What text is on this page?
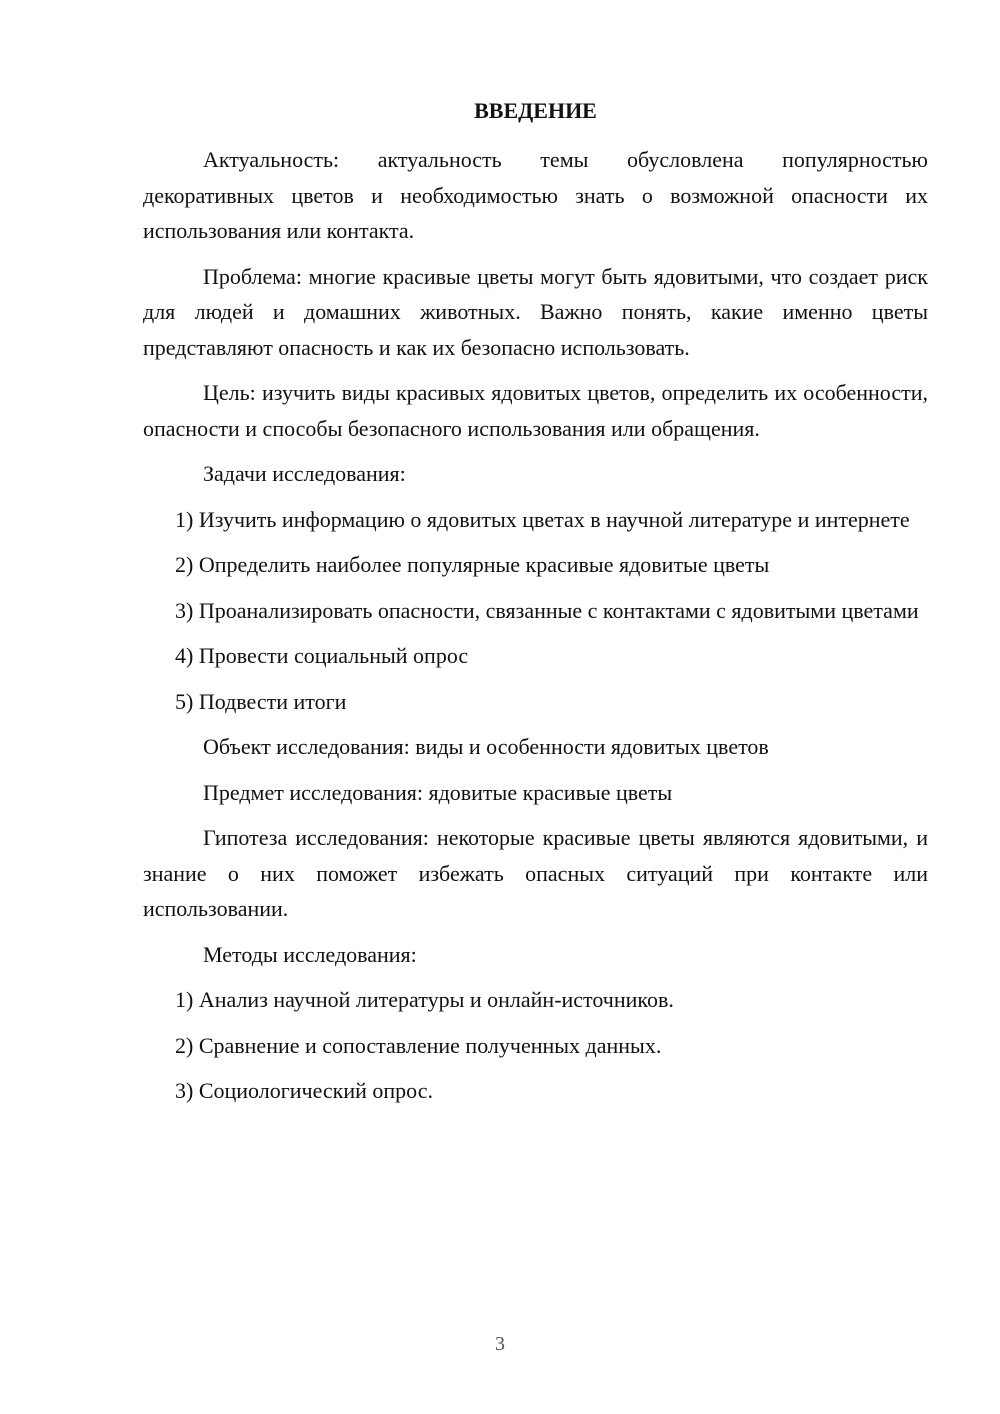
ВВЕДЕНИЕ

Актуальность: актуальность темы обусловлена популярностью декоративных цветов и необходимостью знать о возможной опасности их использования или контакта.

Проблема: многие красивые цветы могут быть ядовитыми, что создает риск для людей и домашних животных. Важно понять, какие именно цветы представляют опасность и как их безопасно использовать.

Цель: изучить виды красивых ядовитых цветов, определить их особенности, опасности и способы безопасного использования или обращения.

Задачи исследования:

1) Изучить информацию о ядовитых цветах в научной литературе и интернете

2) Определить наиболее популярные красивые ядовитые цветы

3) Проанализировать опасности, связанные с контактами с ядовитыми цветами

4) Провести социальный опрос

5) Подвести итоги

Объект исследования: виды и особенности ядовитых цветов

Предмет исследования: ядовитые красивые цветы

Гипотеза исследования: некоторые красивые цветы являются ядовитыми, и знание о них поможет избежать опасных ситуаций при контакте или использовании.

Методы исследования:

1) Анализ научной литературы и онлайн-источников.

2) Сравнение и сопоставление полученных данных.

3) Социологический опрос.

3
